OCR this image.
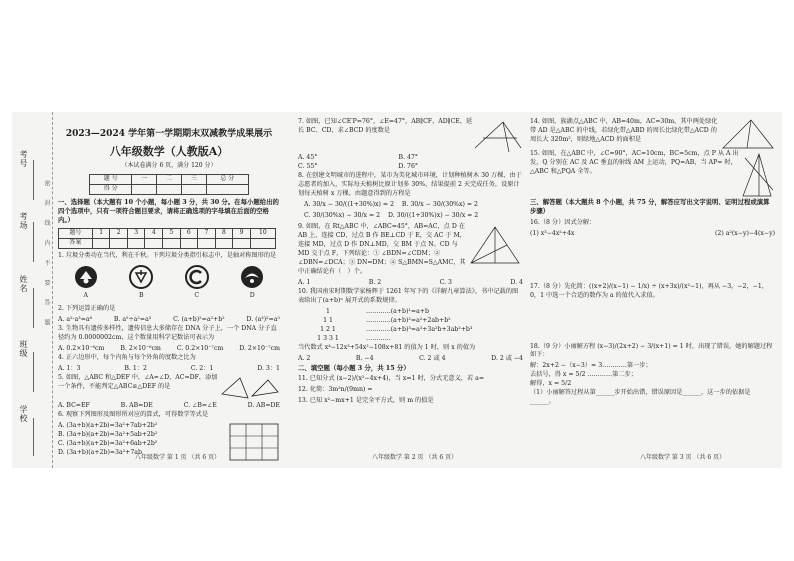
考号
考场
姓名
班级
学校
密 封 线 内 不 要 答 题
2023—2024 学年第一学期期末双减教学成果展示
八年级数学（人教版A）
（本试卷满分 6 页，满分 120 分）
题 号	一	二	三	总 分
得 分				

一、选择题（本大题有 10 个小题，每小题 3 分，共 30 分。在每小题给出的四个选项中，只有一项符合题目要求，请将正确选项的字母填在后面的空格内。）

题号	1	2	3	4	5	6	7	8	9	10
答案										

1. 垃圾分类功在当代，利在千秋。下列垃圾分类指引标志中，是轴对称图形的是

A	B	C	D

2. 下列运算正确的是

A. a²·a³=a⁶	B. a⁵÷a²=a³	C. (a+b)²=a²+b²	D. (a³)²=a⁵

3. 生物具有遗传多样性，遗传信息大多储存在 DNA 分子上，一个 DNA 分子直径约为 0.0000002cm，这个数量用科学记数法可表示为

A. 0.2×10⁻⁶cm	B. 2×10⁻⁶cm	C. 0.2×10⁻⁷cm	D. 2×10⁻⁷cm

4. 正六边形中，每个内角与每个外角的度数之比为

A. 1：3	B. 1：2	C. 2：1	D. 3：1

5. 如图，△ABC 和△DEF 中，∠A=∠D，AC=DF，添加一个条件，不能判定△ABC≌△DEF 的是

A. BC=EF	B. AB=DE	C. ∠B=∠E	D. AB=DE

6. 观察下列图形及图形所对应的算式，可得数学等式是

A. (3a+b)(a+2b)=3a²+7ab+2b²
B. (3a+b)(a+2b)=3a²+5ab+2b²
C. (3a+b)(a+2b)=3a²+6ab+2b²
D. (3a+b)(a+2b)=3a²+7ab
八年级数学 第 1 页 （共 6 页）

7. 如图，已知∠CE′P=76°，∠E=47°，AB∥CF，AD∥CE，延长 BC、CD，求∠BCD 的度数是

A. 45°	B. 47°
C. 55°	D. 76°

8. 在创建文明城市的进程中，某市为美化城市环境，计划种植树木 30 万棵，由于志愿者的加入，实际每天植树比原计划多 30%，结果提前 2 天完成任务，设原计划每天植树 x 万棵，由题意得到的方程是

A. 30/x − 30/((1+30%)x) = 2    B. 30/x − 30/(30%x) = 2

C. 30/(30%x) − 30/x = 2    D. 30/((1+30%)x) − 30/x = 2

9. 如图，在 Rt△ABC 中，∠ABC=45°，AB=AC，点 D 在 AB 上，连接 CD，过点 B 作 BE⊥CD 于 E，交 AC 于 M，连接 MD，过点 D 作 DN⊥MD，交 BM 于点 N。CD 与 MD 交于点 F，下列结论：① ∠BDN=∠CDM；② ∠DBN=∠DCA；③ DN=DM；④ S△BMN=S△AMC，其中正确结论有（　）个。

A. 1	B. 2	C. 3	D. 4

10. 我国南宋时期数学家杨辉于 1261 年写下的《详解九章算法》，书中记载的图表给出了(a+b)ⁿ 展开式的系数规律。

1
1 1
1 2 1
1 3 3 1
…………(a+b)¹=a+b
…………(a+b)²=a²+2ab+b²
…………(a+b)³=a³+3a²b+3ab²+b³
…………

当代数式 x⁴−12x³+54x²−108x+81 的值为 1 时，则 x 的值为

A. 2	B. −4	C. 2 或 4	D. 2 或 −4

二、填空题（每小题 3 分，共 15 分）

11. 已知分式 (x−2)/(x²−4x+4)，当 x=1 时，分式无意义，若 a=

12. 化简：3m²n/(9mn) =

13. 已知 x²−mx+1 是完全平方式，则 m 的值是

八年级数学 第 2 页 （共 6 页）

14. 如图，族湖点△ABC 中，AB=40m，AC=30m，其中两处绿化带 AD 是△ABC 的中线，若绿化带△ABD 的周长比绿化带△ACD 的周长大 320m²，则绿地△ACD 的面积是

15. 如图，在△ABC 中，∠C=90°，AC=10cm，BC=5cm，点 P 从 A 出发，Q 分别在 AC 及 AC 垂直的射线 AM 上运动，PQ=AB，当 AP= 时，△ABC 和△PQA 全等。

三、解答题（本大题共 8 个小题，共 75 分，解答应写出文字说明、证明过程或演算步骤）

16.（8 分）因式分解：

(1) x³−4x²+4x	(2) a²(x−y)−4(x−y)

17.（8 分）先化简：((x+2)/(x−1) − 1/x) ÷ (x+3x)/(x²−1)，再从 −3，−2，−1，0，1 中选一个合适的数作为 a 的值代入求值。

18.（9 分）小丽解方程 (x−3)/(2x+2) − 3/(x+1) = 1 时，出现了错误，她的解题过程如下：

解：2x+2 −（x−3）= 3…………第一步；
去括号，得 x = 5/2 …………第二步；
解得，x = 5/2
（1）小丽解答过程从第______步开始出错，错误原因是______，这一步的依据是______。
八年级数学 第 3 页 （共 6 页）
